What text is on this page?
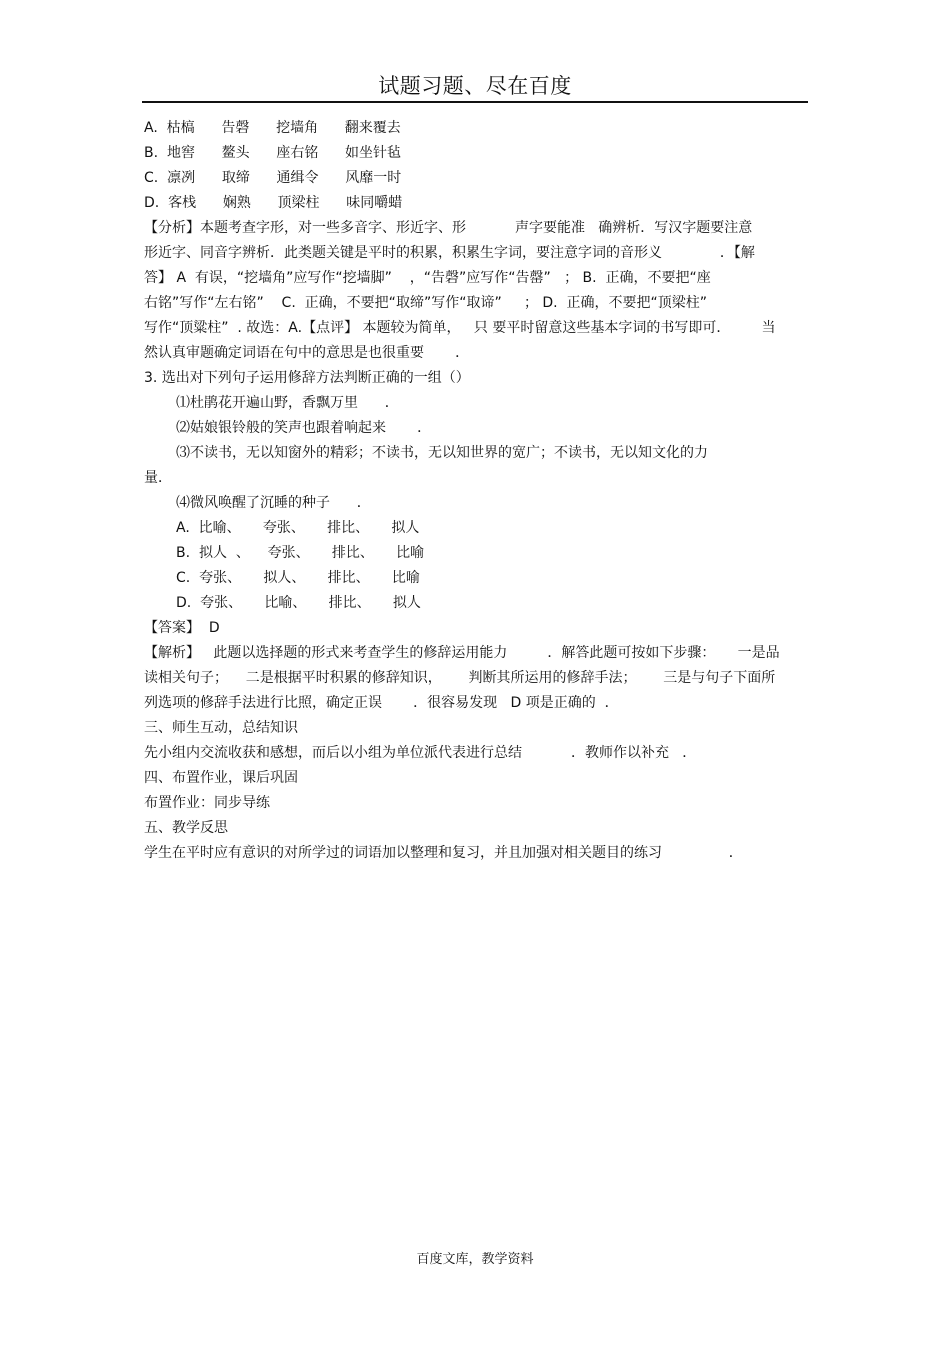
试题习题、尽在百度
A.  枯槁      告磬      挖墙角      翻来覆去
B.  地窖      鳌头      座右铭      如坐针毡
C.  凛冽      取缔      通缉令      风靡一时
D.  客栈      娴熟      顶梁柱      味同嚼蜡
【分析】本题考查字形，对一些多音字、形近字、形           声字要能准   确辨析．写汉字题要注意
形近字、同音字辨析．此类题关键是平时的积累，积累生字词，要注意字词的音形义             ．【解
答】 A  有误，“挖墙角”应写作“挖墙脚”    ，“告磬”应写作“告罄”   ； B.  正确，不要把“座
右铭”写作“左右铭”    C.  正确，不要把“取缔”写作“取谛”     ； D.  正确，不要把“顶梁柱”
写作“顶粱柱”  . 故选：A.【点评】 本题较为简单，   只 要平时留意这些基本字词的书写即可．       当
然认真审题确定词语在句中的意思是也很重要       ．
3. 选出对下列句子运用修辞方法判断正确的一组（）
⑴杜鹃花开遍山野，香飘万里      ．
⑵姑娘银铃般的笑声也跟着响起来       ．
⑶不读书，无以知窗外的精彩；不读书，无以知世界的宽广；不读书，无以知文化的力
量．
⑷微风唤醒了沉睡的种子      ．
A.  比喻、     夸张、     排比、     拟人
B.  拟人  、    夸张、     排比、     比喻
C.  夸张、     拟人、     排比、     比喻
D.  夸张、     比喻、     排比、     拟人
【答案】  D
【解析】   此题以选择题的形式来考查学生的修辞运用能力         ．解答此题可按如下步骤：     一是品
读相关句子；    二是根据平时积累的修辞知识，      判断其所运用的修辞手法；      三是与句子下面所
列选项的修辞手法进行比照，确定正误       ．很容易发现   D 项是正确的  ．
三、师生互动，总结知识
先小组内交流收获和感想，而后以小组为单位派代表进行总结           ．教师作以补充   ．
四、布置作业，课后巩固
布置作业：同步导练
五、教学反思
学生在平时应有意识的对所学过的词语加以整理和复习，并且加强对相关题目的练习               ．
百度文库，教学资料
